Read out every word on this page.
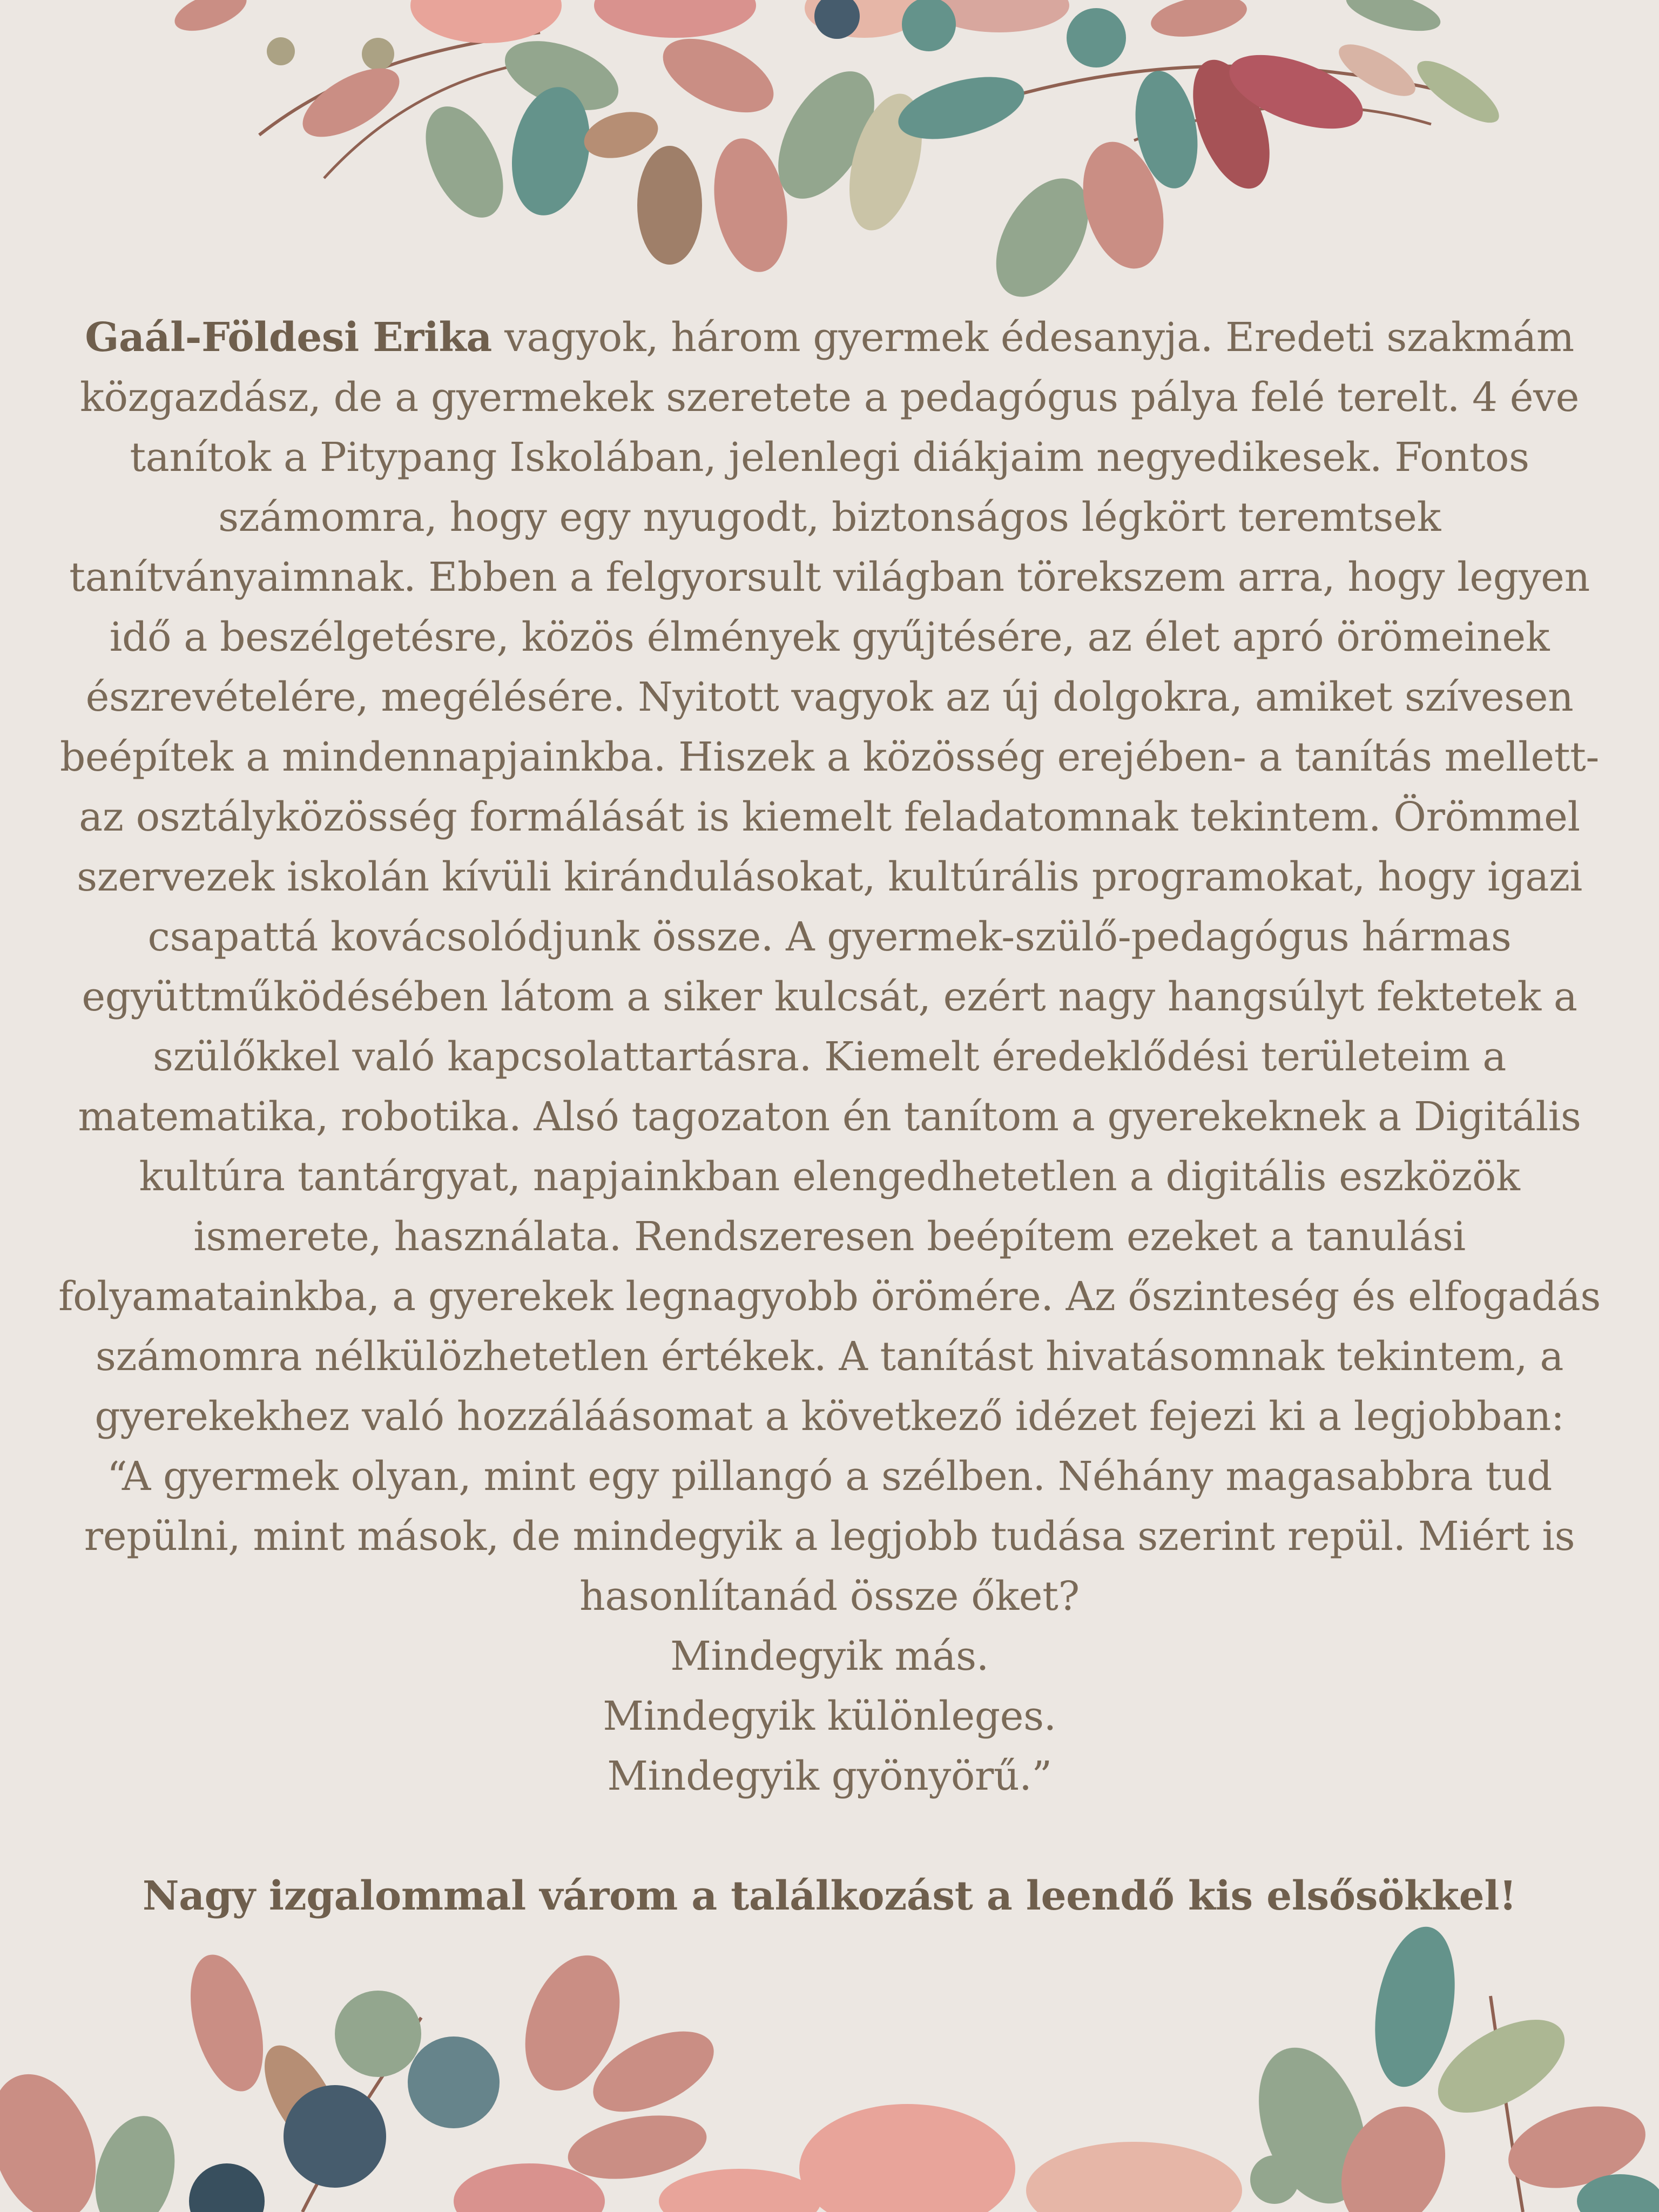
Gaál-Földesi Erika vagyok, három gyermek édesanyja. Eredeti szakmám közgazdász, de a gyermekek szeretete a pedagógus pálya felé terelt. 4 éve tanítok a Pitypang Iskolában, jelenlegi diákjaim negyedikesek. Fontos számomra, hogy egy nyugodt, biztonságos légkört teremtsek tanítványaimnak. Ebben a felgyorsult világban törekszem arra, hogy legyen idő a beszélgetésre, közös élmények gyűjtésére, az élet apró örömeinek észrevételére, megélésére. Nyitott vagyok az új dolgokra, amiket szívesen beépítek a mindennapjainkba. Hiszek a közösség erejében- a tanítás mellett- az osztályközösség formálását is kiemelt feladatomnak tekintem. Örömmel szervezek iskolán kívüli kirándulásokat, kultúrális programokat, hogy igazi csapattá kovácsolódjunk össze. A gyermek-szülő-pedagógus hármas együttműködésében látom a siker kulcsát, ezért nagy hangsúlyt fektetek a szülőkkel való kapcsolattartásra. Kiemelt éredeklődési területeim a matematika, robotika. Alsó tagozaton én tanítom a gyerekeknek a Digitális kultúra tantárgyat, napjainkban elengedhetetlen a digitális eszközök ismerete, használata. Rendszeresen beépítem ezeket a tanulási folyamatainkba, a gyerekek legnagyobb örömére. Az őszinteség és elfogadás számomra nélkülözhetetlen értékek. A tanítást hivatásomnak tekintem, a gyerekekhez való hozzáláásomat a következő idézet fejezi ki a legjobban:

“A gyermek olyan, mint egy pillangó a szélben. Néhány magasabbra tud repülni, mint mások, de mindegyik a legjobb tudása szerint repül. Miért is hasonlítanád össze őket?
Mindegyik más.
Mindegyik különleges.
Mindegyik gyönyörű.”
Nagy izgalommal várom a találkozást a leendő kis elsősökkel!
